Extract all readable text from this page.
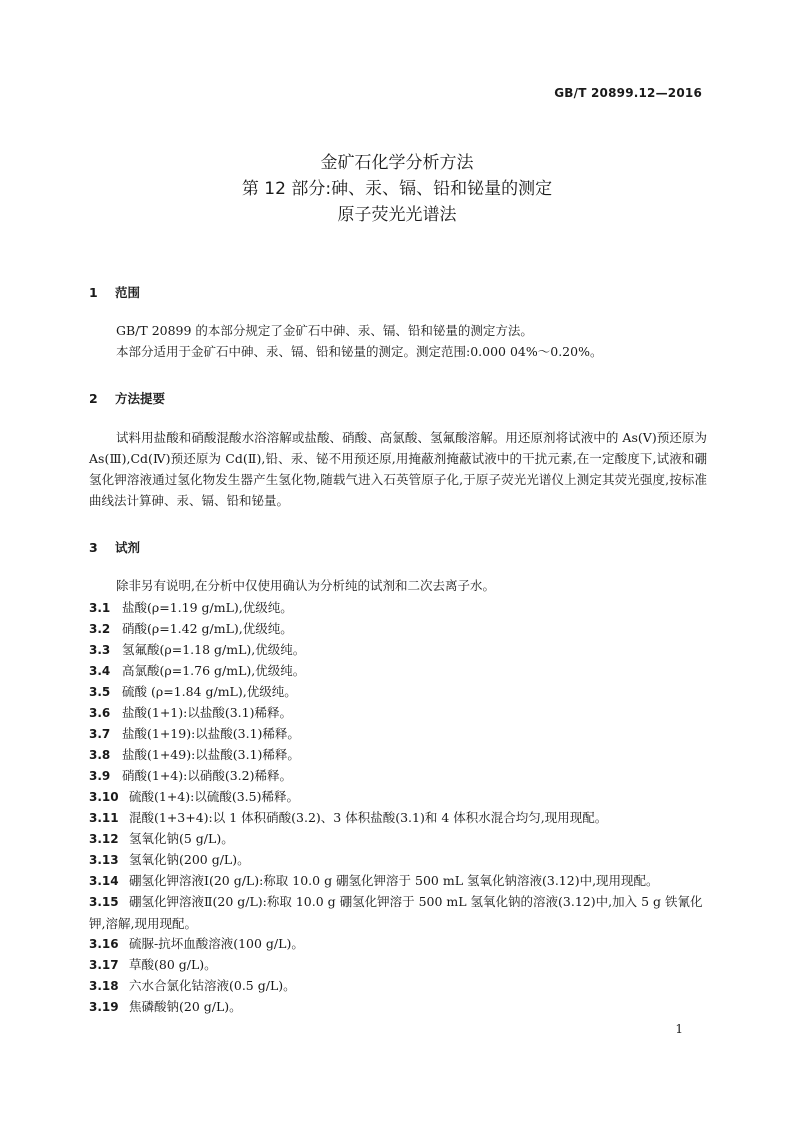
GB/T 20899.12—2016
金矿石化学分析方法
第 12 部分:砷、汞、镉、铅和铋量的测定
原子荧光光谱法
1 范围

GB/T 20899 的本部分规定了金矿石中砷、汞、镉、铅和铋量的测定方法。

本部分适用于金矿石中砷、汞、镉、铅和铋量的测定。测定范围:0.000 04%～0.20%。

2 方法提要

试料用盐酸和硝酸混酸水浴溶解或盐酸、硝酸、高氯酸、氢氟酸溶解。用还原剂将试液中的 As(Ⅴ)预还原为 As(Ⅲ),Cd(Ⅳ)预还原为 Cd(Ⅱ),铅、汞、铋不用预还原,用掩蔽剂掩蔽试液中的干扰元素,在一定酸度下,试液和硼氢化钾溶液通过氢化物发生器产生氢化物,随载气进入石英管原子化,于原子荧光光谱仪上测定其荧光强度,按标准曲线法计算砷、汞、镉、铅和铋量。

3 试剂

除非另有说明,在分析中仅使用确认为分析纯的试剂和二次去离子水。

3.1 盐酸(ρ=1.19 g/mL),优级纯。
3.2 硝酸(ρ=1.42 g/mL),优级纯。
3.3 氢氟酸(ρ=1.18 g/mL),优级纯。
3.4 高氯酸(ρ=1.76 g/mL),优级纯。
3.5 硫酸 (ρ=1.84 g/mL),优级纯。
3.6 盐酸(1+1):以盐酸(3.1)稀释。
3.7 盐酸(1+19):以盐酸(3.1)稀释。
3.8 盐酸(1+49):以盐酸(3.1)稀释。
3.9 硝酸(1+4):以硝酸(3.2)稀释。
3.10 硫酸(1+4):以硫酸(3.5)稀释。
3.11 混酸(1+3+4):以 1 体积硝酸(3.2)、3 体积盐酸(3.1)和 4 体积水混合均匀,现用现配。
3.12 氢氧化钠(5 g/L)。
3.13 氢氧化钠(200 g/L)。
3.14 硼氢化钾溶液Ⅰ(20 g/L):称取 10.0 g 硼氢化钾溶于 500 mL 氢氧化钠溶液(3.12)中,现用现配。
3.15 硼氢化钾溶液Ⅱ(20 g/L):称取 10.0 g 硼氢化钾溶于 500 mL 氢氧化钠的溶液(3.12)中,加入 5 g 铁氰化钾,溶解,现用现配。
3.16 硫脲-抗坏血酸溶液(100 g/L)。
3.17 草酸(80 g/L)。
3.18 六水合氯化钴溶液(0.5 g/L)。
3.19 焦磷酸钠(20 g/L)。
1
